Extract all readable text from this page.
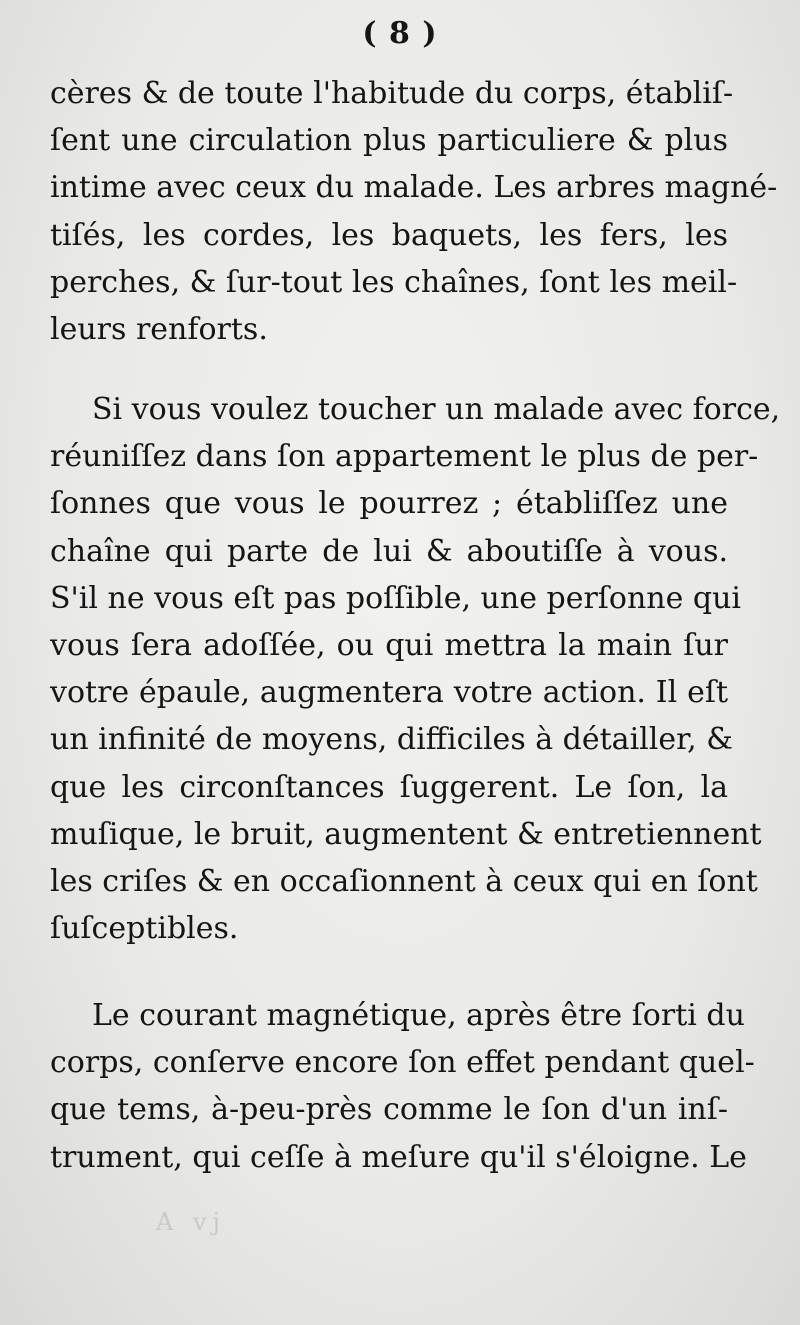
( 8 )
cères & de toute l'habitude du corps, établiſ-
ſent une circulation plus particuliere & plus
intime avec ceux du malade. Les arbres magné-
tiſés, les cordes, les baquets, les fers, les
perches, & ſur-tout les chaînes, ſont les meil-
leurs renforts.
Si vous voulez toucher un malade avec force,
réuniſſez dans ſon appartement le plus de per-
ſonnes que vous le pourrez ; établiſſez une
chaîne qui parte de lui & aboutiſſe à vous.
S'il ne vous eſt pas poſſible, une perſonne qui
vous ſera adoſſée, ou qui mettra la main ſur
votre épaule, augmentera votre action. Il eſt
un infinité de moyens, difficiles à détailler, &
que les circonſtances ſuggerent. Le ſon, la
muſique, le bruit, augmentent & entretiennent
les criſes & en occaſionnent à ceux qui en ſont
ſuſceptibles.
Le courant magnétique, après être ſorti du
corps, conſerve encore ſon effet pendant quel-
que tems, à-peu-près comme le ſon d'un inſ-
trument, qui ceſſe à meſure qu'il s'éloigne. Le
A vj
